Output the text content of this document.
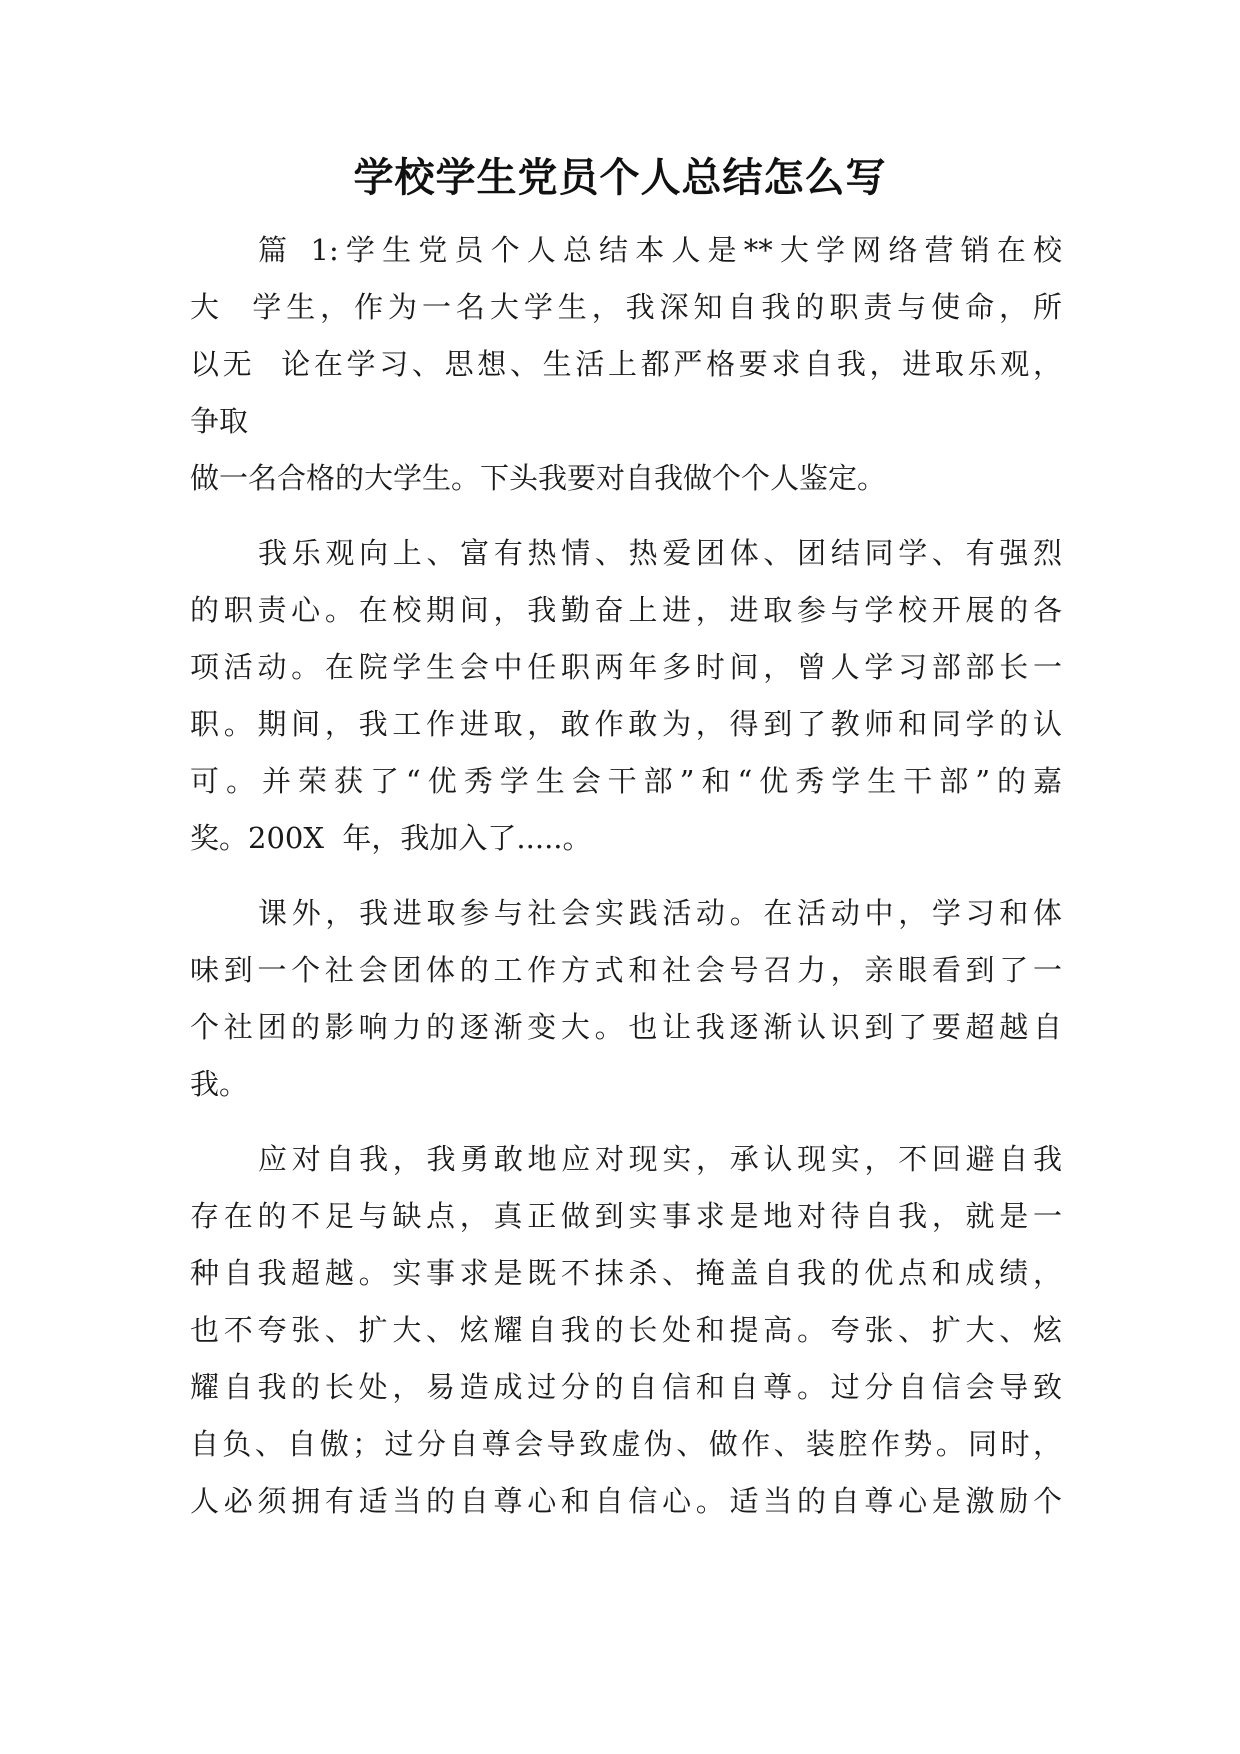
学校学生党员个人总结怎么写
篇 1:学生党员个人总结本人是**大学网络营销在校
大  学生，作为一名大学生，我深知自我的职责与使命，所
以无  论在学习、思想、生活上都严格要求自我，进取乐观，
争取
做一名合格的大学生。下头我要对自我做个个人鉴定。
我乐观向上、富有热情、热爱团体、团结同学、有强烈
的职责心。在校期间，我勤奋上进，进取参与学校开展的各
项活动。在院学生会中任职两年多时间，曾人学习部部长一
职。期间，我工作进取，敢作敢为，得到了教师和同学的认
可。并荣获了“优秀学生会干部”和“优秀学生干部”的嘉
奖。200X  年，我加入了.....。
课外，我进取参与社会实践活动。在活动中，学习和体
味到一个社会团体的工作方式和社会号召力，亲眼看到了一
个社团的影响力的逐渐变大。也让我逐渐认识到了要超越自
我。
应对自我，我勇敢地应对现实，承认现实，不回避自我
存在的不足与缺点，真正做到实事求是地对待自我，就是一
种自我超越。实事求是既不抹杀、掩盖自我的优点和成绩，
也不夸张、扩大、炫耀自我的长处和提高。夸张、扩大、炫
耀自我的长处，易造成过分的自信和自尊。过分自信会导致
自负、自傲；过分自尊会导致虚伪、做作、装腔作势。同时，
人必须拥有适当的自尊心和自信心。适当的自尊心是激励个
